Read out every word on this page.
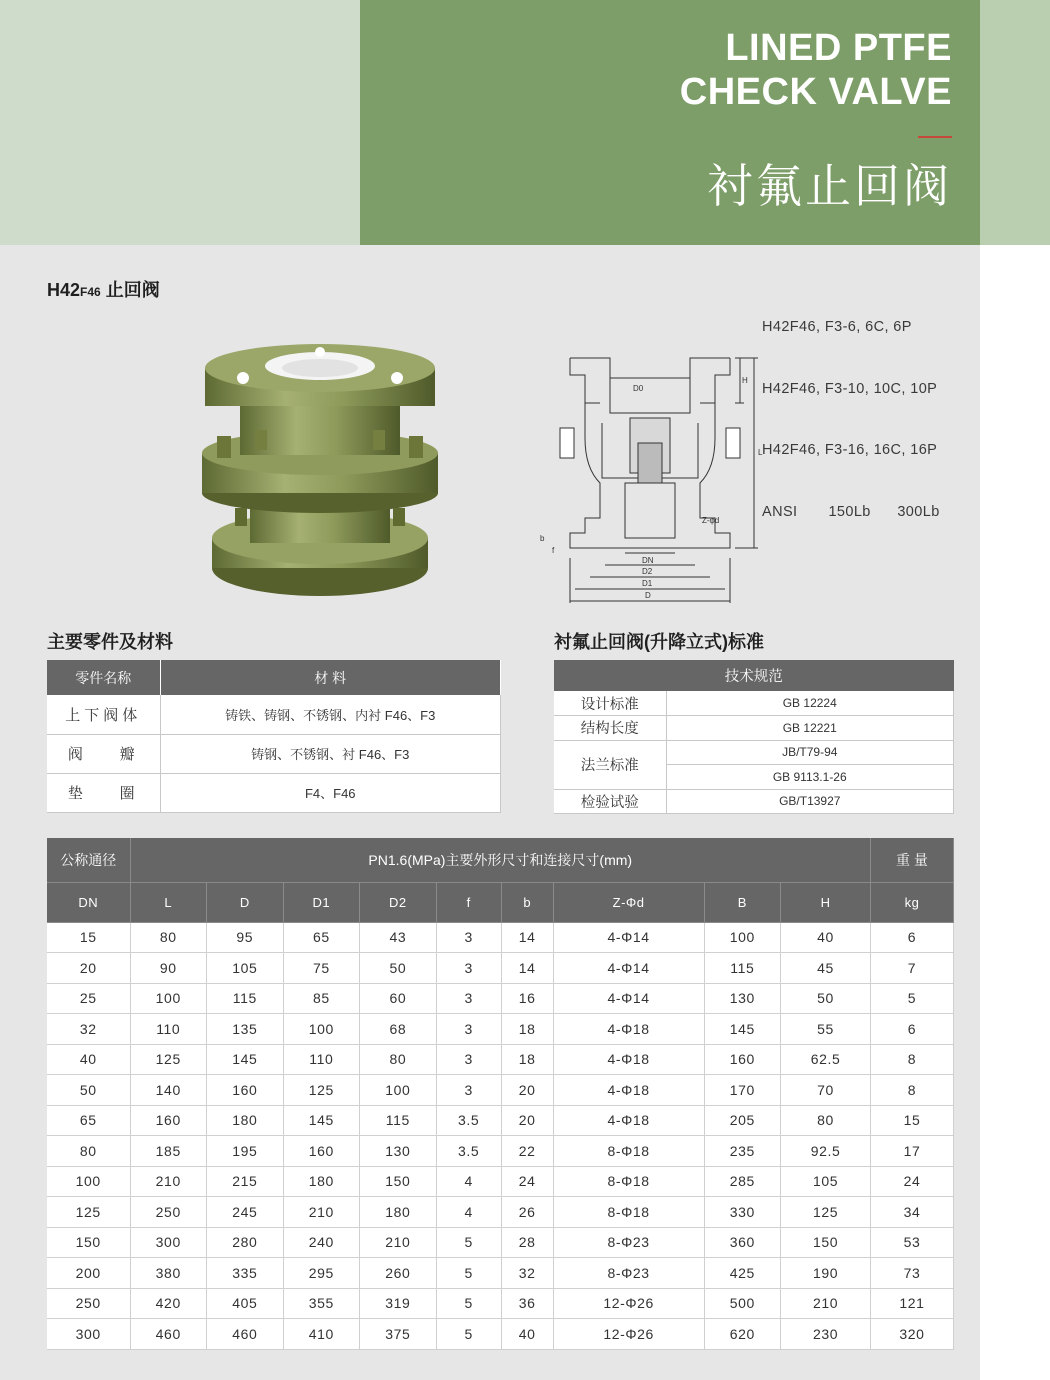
LINED PTFE
CHECK VALVE
衬氟止回阀
H42F46 止回阀

H42F46, F3-6, 6C, 6P

H42F46, F3-10, 10C, 10P

H42F46, F3-16, 16C, 16P

ANSI       150Lb      300Lb

D0
DN
D2
D1
D
L
H
Z-φd
b
f
主要零件及材料	衬氟止回阀(升降立式)标准
零件名称	材 料
上下阀体	铸铁、铸钢、不锈钢、内衬 F46、F3
阀    瓣	铸钢、不锈钢、衬 F46、F3
垫    圈	F4、F46
技术规范	
设计标准	GB 12224
结构长度	GB 12221
法兰标准	JB/T79-94
	GB 9113.1-26
检验试验	GB/T13927
公称通径	PN1.6(MPa)主要外形尺寸和连接尺寸(mm)									重 量
DN	L	D	D1	D2	f	b	Z-Φd	B	H	kg
15	80	95	65	43	3	14	4-Φ14	100	40	6
20	90	105	75	50	3	14	4-Φ14	115	45	7
25	100	115	85	60	3	16	4-Φ14	130	50	5
32	110	135	100	68	3	18	4-Φ18	145	55	6
40	125	145	110	80	3	18	4-Φ18	160	62.5	8
50	140	160	125	100	3	20	4-Φ18	170	70	8
65	160	180	145	115	3.5	20	4-Φ18	205	80	15
80	185	195	160	130	3.5	22	8-Φ18	235	92.5	17
100	210	215	180	150	4	24	8-Φ18	285	105	24
125	250	245	210	180	4	26	8-Φ18	330	125	34
150	300	280	240	210	5	28	8-Φ23	360	150	53
200	380	335	295	260	5	32	8-Φ23	425	190	73
250	420	405	355	319	5	36	12-Φ26	500	210	121
300	460	460	410	375	5	40	12-Φ26	620	230	320
